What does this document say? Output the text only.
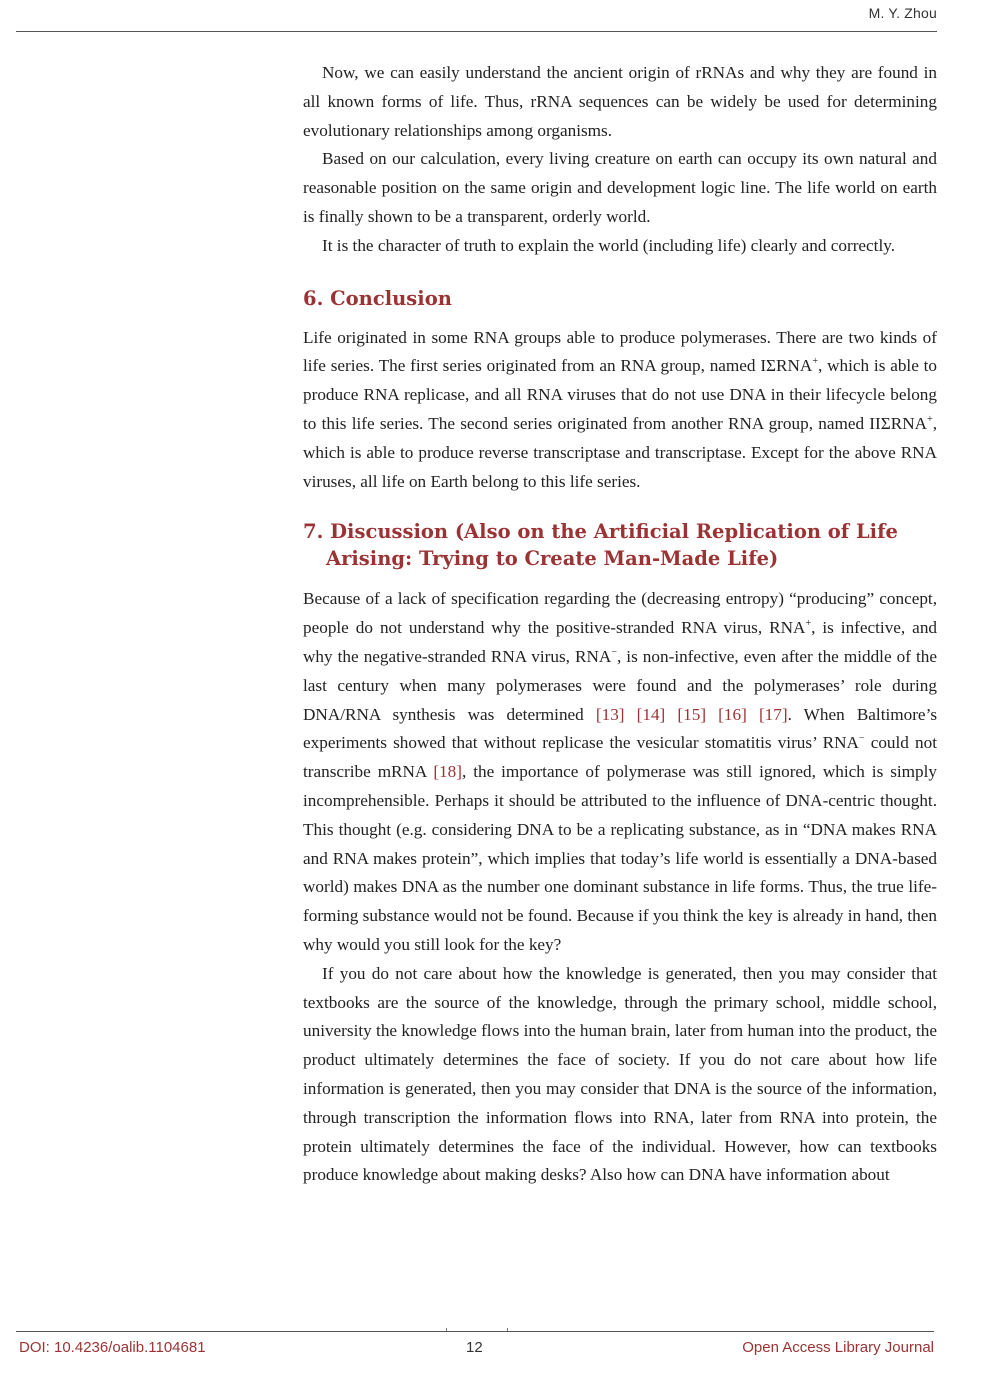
M. Y. Zhou

Now, we can easily understand the ancient origin of rRNAs and why they are found in all known forms of life. Thus, rRNA sequences can be widely be used for determining evolutionary relationships among organisms.

Based on our calculation, every living creature on earth can occupy its own natural and reasonable position on the same origin and development logic line. The life world on earth is finally shown to be a transparent, orderly world.

It is the character of truth to explain the world (including life) clearly and correctly.

6. Conclusion

Life originated in some RNA groups able to produce polymerases. There are two kinds of life series. The first series originated from an RNA group, named IΣRNA+, which is able to produce RNA replicase, and all RNA viruses that do not use DNA in their lifecycle belong to this life series. The second series originated from another RNA group, named IIΣRNA+, which is able to produce reverse transcriptase and transcriptase. Except for the above RNA viruses, all life on Earth belong to this life series.

7. Discussion (Also on the Artificial Replication of Life Arising: Trying to Create Man-Made Life)

Because of a lack of specification regarding the (decreasing entropy) “producing” concept, people do not understand why the positive-stranded RNA virus, RNA+, is infective, and why the negative-stranded RNA virus, RNA−, is non-infective, even after the middle of the last century when many polymerases were found and the polymerases’ role during DNA/RNA synthesis was determined [13] [14] [15] [16] [17]. When Baltimore’s experiments showed that without replicase the vesicular stomatitis virus’ RNA− could not transcribe mRNA [18], the importance of polymerase was still ignored, which is simply incomprehensible. Perhaps it should be attributed to the influence of DNA-centric thought. This thought (e.g. considering DNA to be a replicating substance, as in “DNA makes RNA and RNA makes protein”, which implies that today’s life world is essentially a DNA-based world) makes DNA as the number one dominant substance in life forms. Thus, the true life-forming substance would not be found. Because if you think the key is already in hand, then why would you still look for the key?

If you do not care about how the knowledge is generated, then you may consider that textbooks are the source of the knowledge, through the primary school, middle school, university the knowledge flows into the human brain, later from human into the product, the product ultimately determines the face of society. If you do not care about how life information is generated, then you may consider that DNA is the source of the information, through transcription the information flows into RNA, later from RNA into protein, the protein ultimately determines the face of the individual. However, how can textbooks produce knowledge about making desks? Also how can DNA have information about

DOI: 10.4236/oalib.1104681	12	Open Access Library Journal
